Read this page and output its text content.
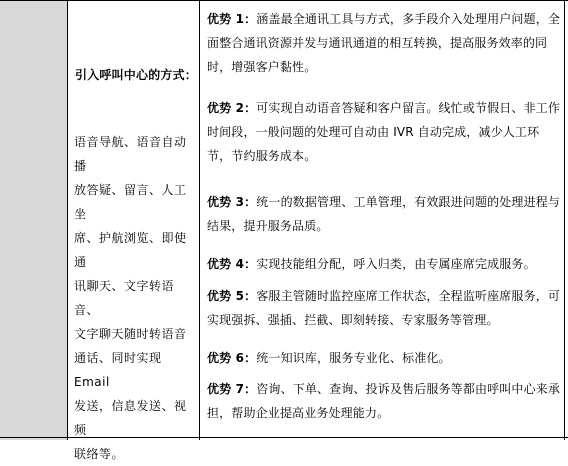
引入呼叫中心的方式：
语音导航、语音自动播
放答疑、留言、人工坐
席、护航浏览、即使通
讯聊天、文字转语音、
文字聊天随时转语音
通话、同时实现 Email
发送，信息发送、视频
联络等。
优势 1：涵盖最全通讯工具与方式，多手段介入处理用户问题，全面整合通讯资源并发与通讯通道的相互转换，提高服务效率的同时，增强客户黏性。
优势 2：可实现自动语音答疑和客户留言。线忙或节假日、非工作时间段，一般问题的处理可自动由 IVR 自动完成，减少人工环节，节约服务成本。
优势 3：统一的数据管理、工单管理，有效跟进问题的处理进程与结果，提升服务品质。
优势 4：实现技能组分配，呼入归类，由专属座席完成服务。
优势 5：客服主管随时监控座席工作状态，全程监听座席服务，可实现强拆、强插、拦截、即刻转接、专家服务等管理。
优势 6：统一知识库，服务专业化、标准化。
优势 7：咨询、下单、查询、投诉及售后服务等都由呼叫中心来承担，帮助企业提高业务处理能力。
